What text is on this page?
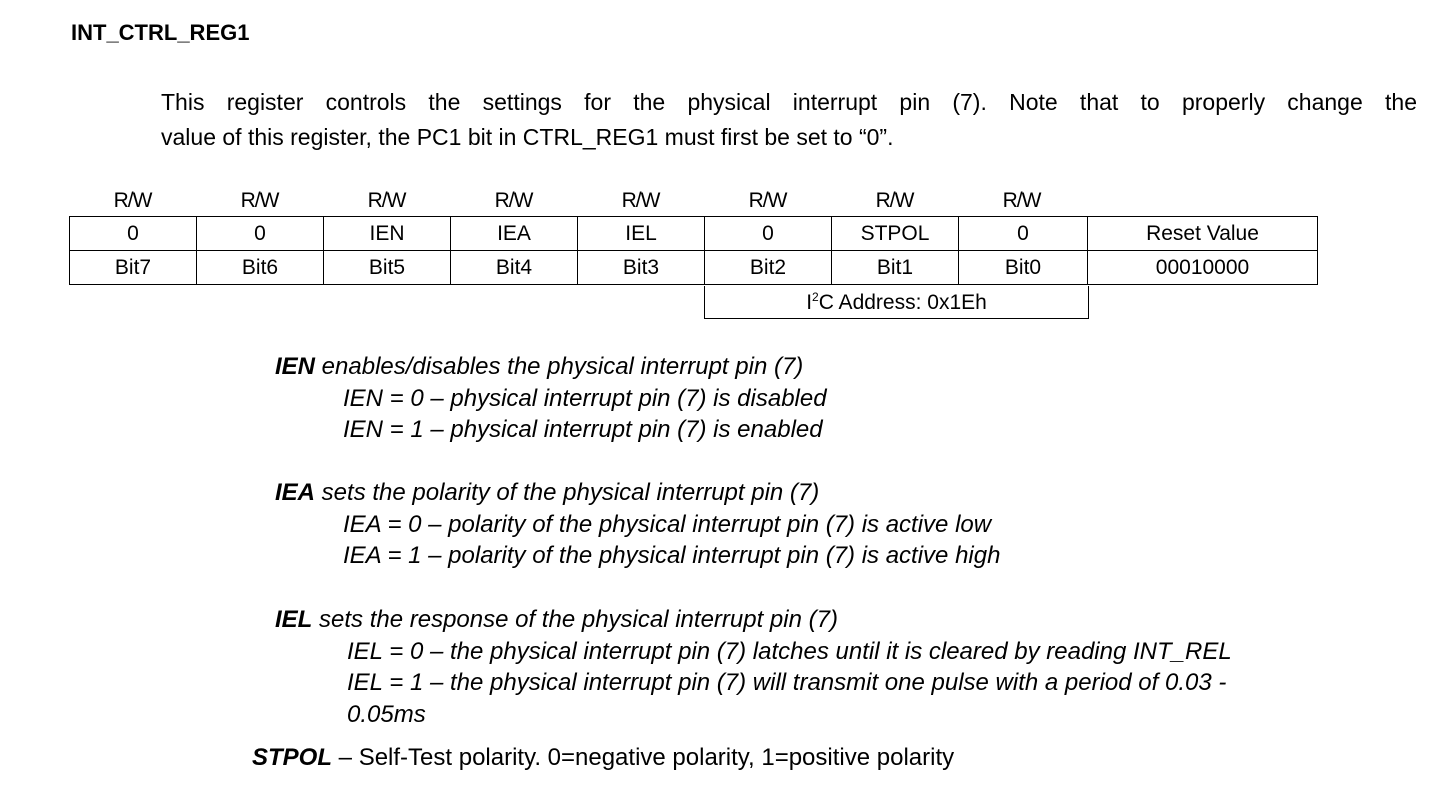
INT_CTRL_REG1
This register controls the settings for the physical interrupt pin (7). Note that to properly change the
value of this register, the PC1 bit in CTRL_REG1 must first be set to “0”.
R/W	R/W	R/W	R/W	R/W	R/W	R/W	R/W
0	0	IEN	IEA	IEL	0	STPOL	0	Reset Value
Bit7	Bit6	Bit5	Bit4	Bit3	Bit2	Bit1	Bit0	00010000
$I^2C$ Address: 0x1Eh
IEN enables/disables the physical interrupt pin (7)
IEN = 0 – physical interrupt pin (7) is disabled
IEN = 1 – physical interrupt pin (7) is enabled
IEA sets the polarity of the physical interrupt pin (7)
IEA = 0 – polarity of the physical interrupt pin (7) is active low
IEA = 1 – polarity of the physical interrupt pin (7) is active high
IEL sets the response of the physical interrupt pin (7)
IEL = 0 – the physical interrupt pin (7) latches until it is cleared by reading INT_REL
IEL = 1 – the physical interrupt pin (7) will transmit one pulse with a period of 0.03 -
0.05ms
STPOL – Self-Test polarity. 0=negative polarity, 1=positive polarity
